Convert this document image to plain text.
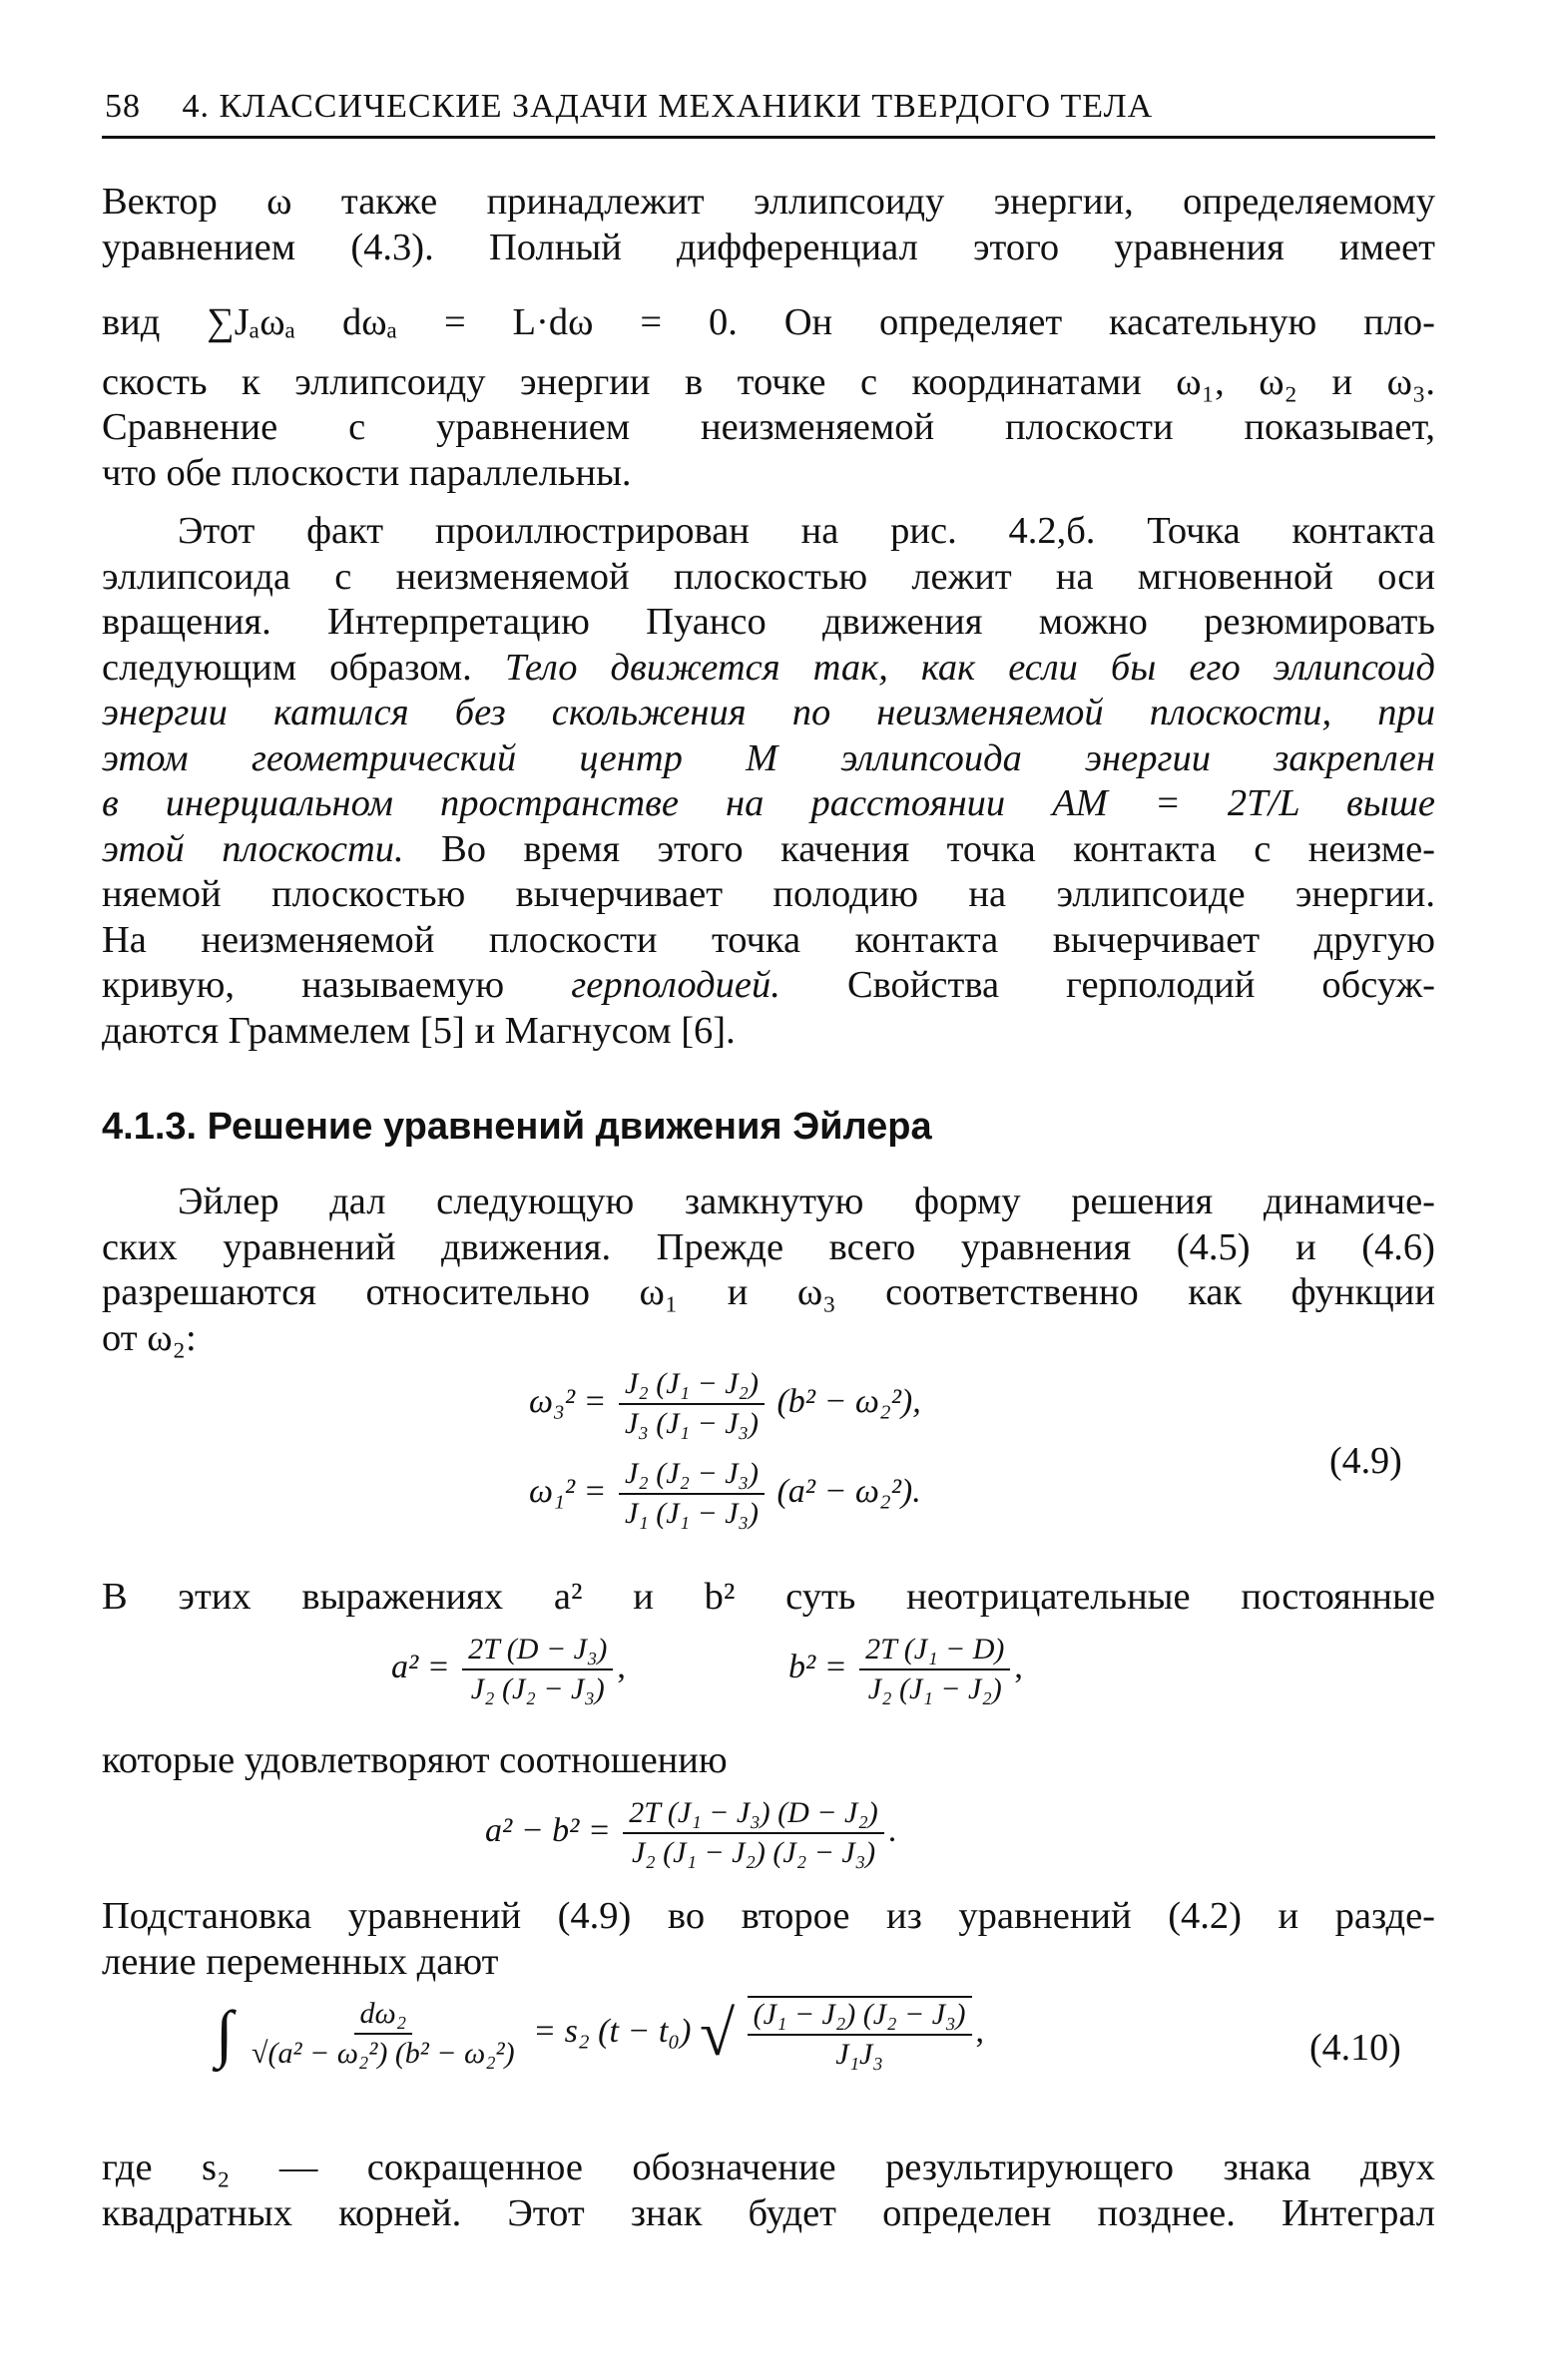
58 4. КЛАССИЧЕСКИЕ ЗАДАЧИ МЕХАНИКИ ТВЕРДОГО ТЕЛА
Вектор ω также принадлежит эллипсоиду энергии, определяемому
уравнением (4.3). Полный дифференциал этого уравнения имеет
вид ∑Jₐωₐ dωₐ = L·dω = 0. Он определяет касательную пло-
скость к эллипсоиду энергии в точке с координатами ω₁, ω₂ и ω₃.
Сравнение с уравнением неизменяемой плоскости показывает,
что обе плоскости параллельны.
Этот факт проиллюстрирован на рис. 4.2,б. Точка контакта
эллипсоида с неизменяемой плоскостью лежит на мгновенной оси
вращения. Интерпретацию Пуансо движения можно резюмировать
следующим образом. Тело движется так, как если бы его эллипсоид
энергии катился без скольжения по неизменяемой плоскости, при
этом геометрический центр M эллипсоида энергии закреплен
в инерциальном пространстве на расстоянии AM = 2T/L выше
этой плоскости. Во время этого качения точка контакта с неизме-
няемой плоскостью вычерчивает полодию на эллипсоиде энергии.
На неизменяемой плоскости точка контакта вычерчивает другую
кривую, называемую герполодией. Свойства герполодий обсуж-
даются Граммелем [5] и Магнусом [6].
4.1.3. Решение уравнений движения Эйлера
Эйлер дал следующую замкнутую форму решения динамиче-
ских уравнений движения. Прежде всего уравнения (4.5) и (4.6)
разрешаются относительно ω₁ и ω₃ соответственно как функции
от ω₂:
$\omega_3^2 = \frac{\text{J₂ (J₁ − J₂)}}{\text{J₃ (J₁ − J₃)}} (b^2 - \omega_2^2)$,
$\omega_1^2 = \frac{\text{J₂ (J₂ − J₃)}}{\text{J₁ (J₁ − J₃)}} (a^2 - \omega_2^2)$.
(4.9)
В этих выражениях a² и b² суть неотрицательные постоянные
$a^2 = \frac{\text{2T (D − J₃)}}{\text{J₂ (J₂ − J₃)}}$ ,	$b^2 = \frac{\text{2T (J₁ − D)}}{\text{J₂ (J₁ − J₂)}}$ ,
которые удовлетворяют соотношению
$a^2 - b^2 = \frac{\text{2T (J₁ − J₃) (D − J₂)}}{\text{J₂ (J₁ − J₂) (J₂ − J₃)}}$ .
Подстановка уравнений (4.9) во второе из уравнений (4.2) и разде-
ление переменных дают
∫ $\frac{\text{dω₂}}{\text{√(a² − ω₂²) (b² − ω₂²)}} = s_2$ (t − t₀) √ $\frac{\text{(J₁ − J₂) (J₂ − J₃)}}{\text{J₁J₃}}$ ,	(4.10)
где s₂ — сокращенное обозначение результирующего знака двух
квадратных корней. Этот знак будет определен позднее. Интеграл
